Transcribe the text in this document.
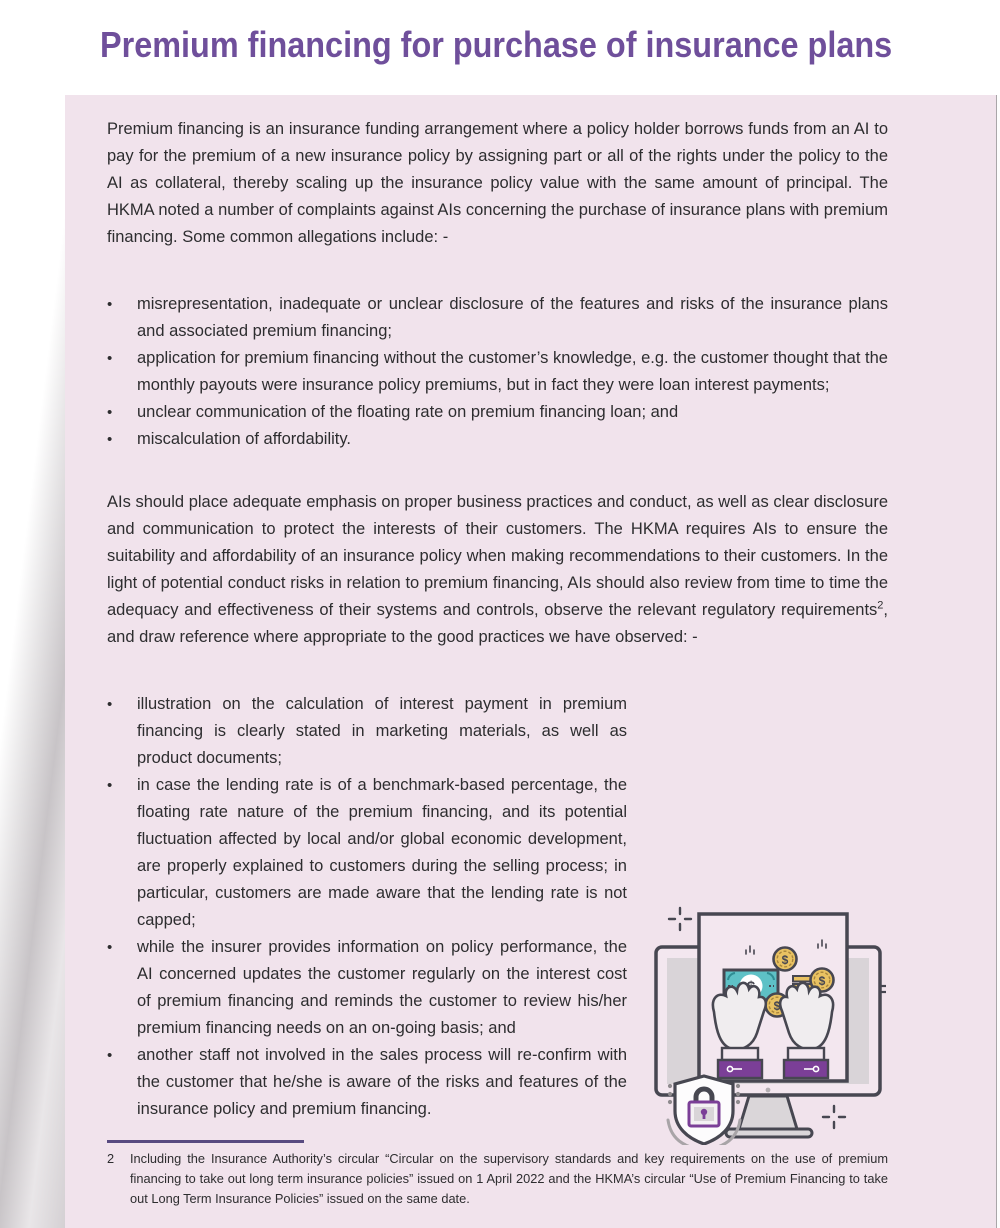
Premium financing for purchase of insurance plans

Premium financing is an insurance funding arrangement where a policy holder borrows funds from an AI to pay for the premium of a new insurance policy by assigning part or all of the rights under the policy to the AI as collateral, thereby scaling up the insurance policy value with the same amount of principal. The HKMA noted a number of complaints against AIs concerning the purchase of insurance plans with premium financing. Some common allegations include: -

• misrepresentation, inadequate or unclear disclosure of the features and risks of the insurance plans and associated premium financing;
• application for premium financing without the customer’s knowledge, e.g. the customer thought that the monthly payouts were insurance policy premiums, but in fact they were loan interest payments;
• unclear communication of the floating rate on premium financing loan; and
• miscalculation of affordability.

AIs should place adequate emphasis on proper business practices and conduct, as well as clear disclosure and communication to protect the interests of their customers. The HKMA requires AIs to ensure the suitability and affordability of an insurance policy when making recommendations to their customers. In the light of potential conduct risks in relation to premium financing, AIs should also review from time to time the adequacy and effectiveness of their systems and controls, observe the relevant regulatory requirements$^2$, and draw reference where appropriate to the good practices we have observed: -

• illustration on the calculation of interest payment in premium financing is clearly stated in marketing materials, as well as product documents;
• in case the lending rate is of a benchmark-based percentage, the floating rate nature of the premium financing, and its potential fluctuation affected by local and/or global economic development, are properly explained to customers during the selling process; in particular, customers are made aware that the lending rate is not capped;
• while the insurer provides information on policy performance, the AI concerned updates the customer regularly on the interest cost of premium financing and reminds the customer to review his/her premium financing needs on an on-going basis; and
• another staff not involved in the sales process will re-confirm with the customer that he/she is aware of the risks and features of the insurance policy and premium financing.
2 Including the Insurance Authority’s circular “Circular on the supervisory standards and key requirements on the use of premium financing to take out long term insurance policies” issued on 1 April 2022 and the HKMA’s circular “Use of Premium Financing to take out Long Term Insurance Policies” issued on the same date.
$
$
$
